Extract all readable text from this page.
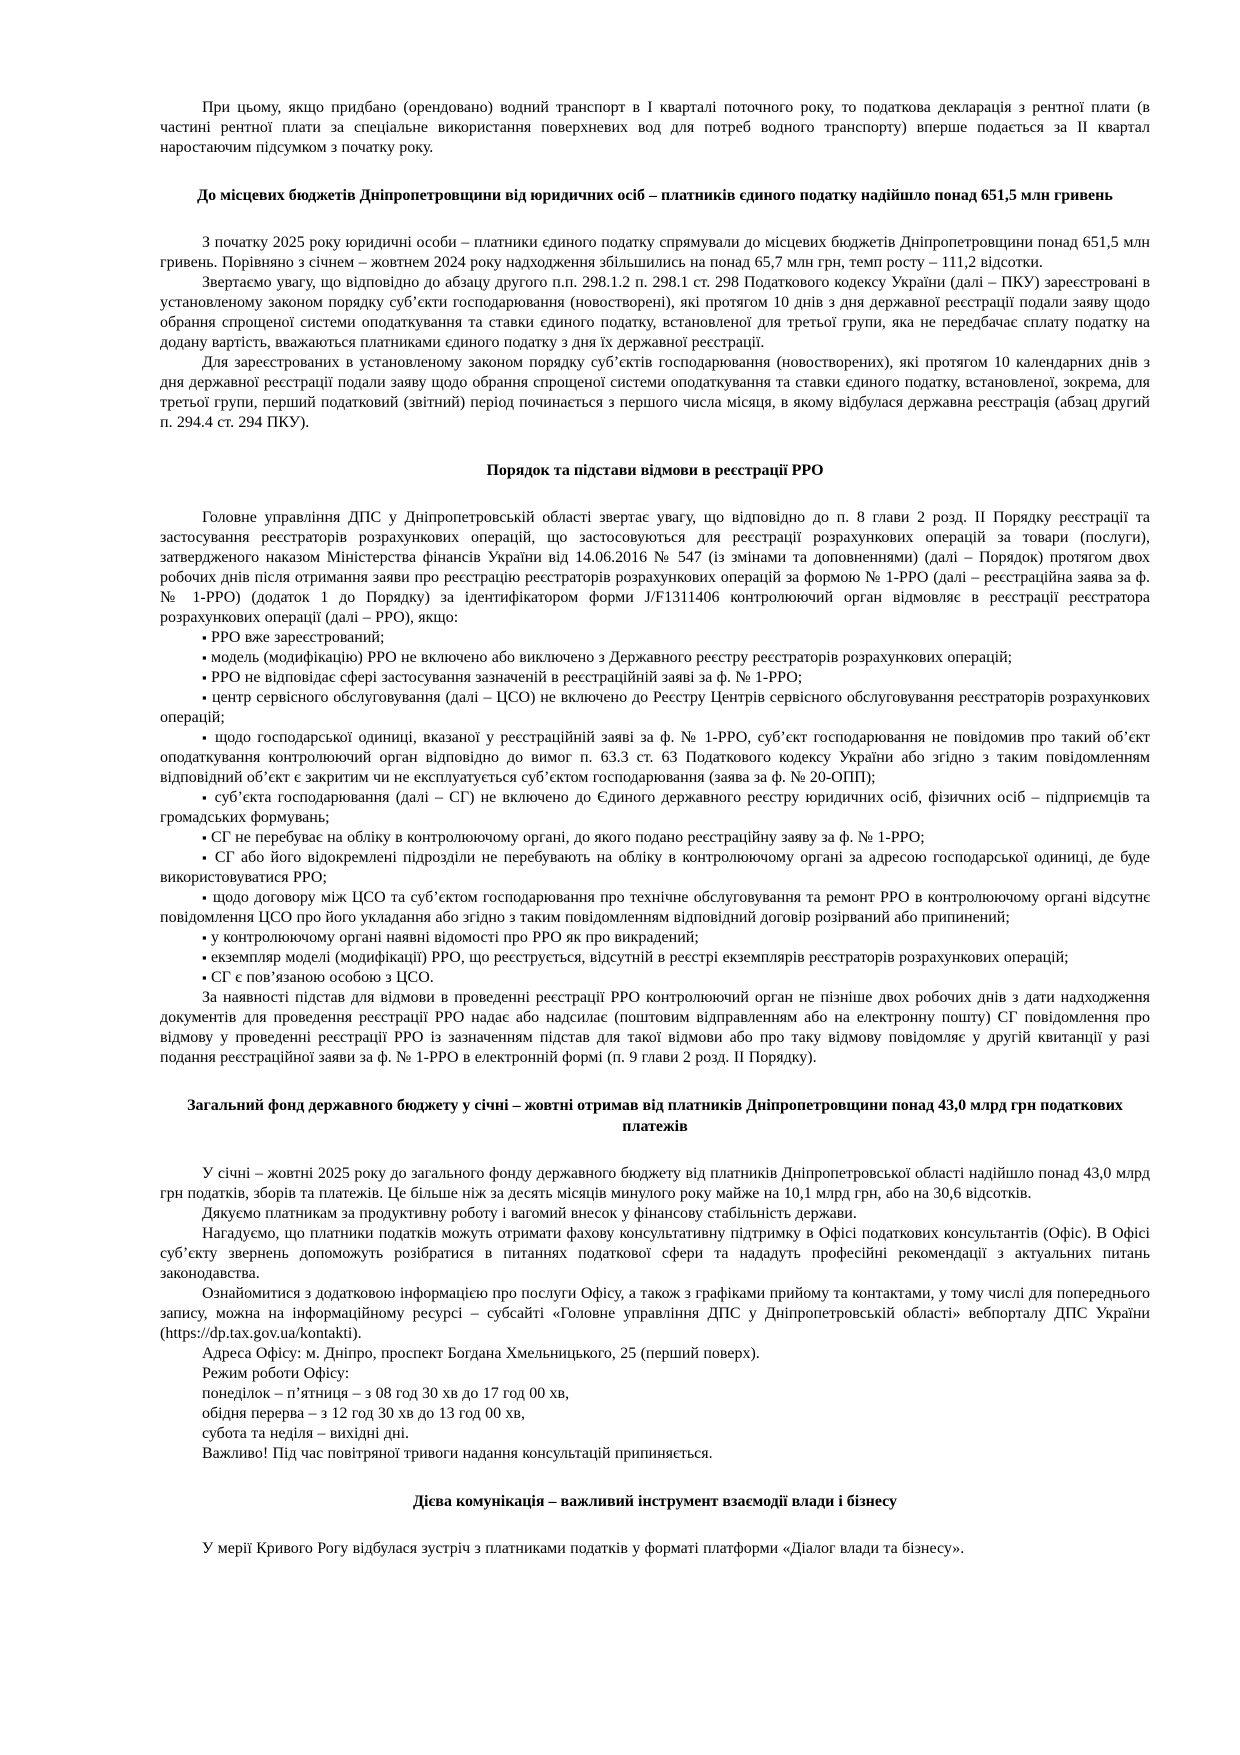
При цьому, якщо придбано (орендовано) водний транспорт в І кварталі поточного року, то податкова декларація з рентної плати (в частині рентної плати за спеціальне використання поверхневих вод для потреб водного транспорту) вперше подається за ІІ квартал наростаючим підсумком з початку року.

До місцевих бюджетів Дніпропетровщини від юридичних осіб – платників єдиного податку надійшло понад 651,5 млн гривень

З початку 2025 року юридичні особи – платники єдиного податку спрямували до місцевих бюджетів Дніпропетровщини понад 651,5 млн гривень. Порівняно з січнем – жовтнем 2024 року надходження збільшились на понад 65,7 млн грн, темп росту – 111,2 відсотки.

Звертаємо увагу, що відповідно до абзацу другого п.п. 298.1.2 п. 298.1 ст. 298 Податкового кодексу України (далі – ПКУ) зареєстровані в установленому законом порядку суб’єкти господарювання (новостворені), які протягом 10 днів з дня державної реєстрації подали заяву щодо обрання спрощеної системи оподаткування та ставки єдиного податку, встановленої для третьої групи, яка не передбачає сплату податку на додану вартість, вважаються платниками єдиного податку з дня їх державної реєстрації.

Для зареєстрованих в установленому законом порядку суб’єктів господарювання (новостворених), які протягом 10 календарних днів з дня державної реєстрації подали заяву щодо обрання спрощеної системи оподаткування та ставки єдиного податку, встановленої, зокрема, для третьої групи, перший податковий (звітний) період починається з першого числа місяця, в якому відбулася державна реєстрація (абзац другий п. 294.4 ст. 294 ПКУ).

Порядок та підстави відмови в реєстрації РРО

Головне управління ДПС у Дніпропетровській області звертає увагу, що відповідно до п. 8 глави 2 розд. ІІ Порядку реєстрації та застосування реєстраторів розрахункових операцій, що застосовуються для реєстрації розрахункових операцій за товари (послуги), затвердженого наказом Міністерства фінансів України від 14.06.2016 № 547 (із змінами та доповненнями) (далі – Порядок) протягом двох робочих днів після отримання заяви про реєстрацію реєстраторів розрахункових операцій за формою № 1-РРО (далі – реєстраційна заява за ф. № 1-РРО) (додаток 1 до Порядку) за ідентифікатором форми J/F1311406 контролюючий орган відмовляє в реєстрації реєстратора розрахункових операції (далі – РРО), якщо:

▪ РРО вже зареєстрований;

▪ модель (модифікацію) РРО не включено або виключено з Державного реєстру реєстраторів розрахункових операцій;

▪ РРО не відповідає сфері застосування зазначеній в реєстраційній заяві за ф. № 1-РРО;

▪ центр сервісного обслуговування (далі – ЦСО) не включено до Реєстру Центрів сервісного обслуговування реєстраторів розрахункових операцій;

▪ щодо господарської одиниці, вказаної у реєстраційній заяві за ф. № 1-РРО, суб’єкт господарювання не повідомив про такий об’єкт оподаткування контролюючий орган відповідно до вимог п. 63.3 ст. 63 Податкового кодексу України або згідно з таким повідомленням відповідний об’єкт є закритим чи не експлуатується суб’єктом господарювання (заява за ф. № 20-ОПП);

▪ суб’єкта господарювання (далі – СГ) не включено до Єдиного державного реєстру юридичних осіб, фізичних осіб – підприємців та громадських формувань;

▪ СГ не перебуває на обліку в контролюючому органі, до якого подано реєстраційну заяву за ф. № 1-РРО;

▪ СГ або його відокремлені підрозділи не перебувають на обліку в контролюючому органі за адресою господарської одиниці, де буде використовуватися РРО;

▪ щодо договору між ЦСО та суб’єктом господарювання про технічне обслуговування та ремонт РРО в контролюючому органі відсутнє повідомлення ЦСО про його укладання або згідно з таким повідомленням відповідний договір розірваний або припинений;

▪ у контролюючому органі наявні відомості про РРО як про викрадений;

▪ екземпляр моделі (модифікації) РРО, що реєструється, відсутній в реєстрі екземплярів реєстраторів розрахункових операцій;

▪ СГ є пов’язаною особою з ЦСО.

За наявності підстав для відмови в проведенні реєстрації РРО контролюючий орган не пізніше двох робочих днів з дати надходження документів для проведення реєстрації РРО надає або надсилає (поштовим відправленням або на електронну пошту) СГ повідомлення про відмову у проведенні реєстрації РРО із зазначенням підстав для такої відмови або про таку відмову повідомляє у другій квитанції у разі подання реєстраційної заяви за ф. № 1-РРО в електронній формі (п. 9 глави 2 розд. ІІ Порядку).

Загальний фонд державного бюджету у січні – жовтні отримав від платників Дніпропетровщини понад 43,0 млрд грн податкових платежів

У січні – жовтні 2025 року до загального фонду державного бюджету від платників Дніпропетровської області надійшло понад 43,0 млрд грн податків, зборів та платежів. Це більше ніж за десять місяців минулого року майже на 10,1 млрд грн, або на 30,6 відсотків.

Дякуємо платникам за продуктивну роботу і вагомий внесок у фінансову стабільність держави.

Нагадуємо, що платники податків можуть отримати фахову консультативну підтримку в Офісі податкових консультантів (Офіс). В Офісі суб’єкту звернень допоможуть розібратися в питаннях податкової сфери та нададуть професійні рекомендації з актуальних питань законодавства.

Ознайомитися з додатковою інформацією про послуги Офісу, а також з графіками прийому та контактами, у тому числі для попереднього запису, можна на інформаційному ресурсі – субсайті «Головне управління ДПС у Дніпропетровській області» вебпорталу ДПС України (https://dp.tax.gov.ua/kontakti).

Адреса Офісу: м. Дніпро, проспект Богдана Хмельницького, 25 (перший поверх).

Режим роботи Офісу:

понеділок – п’ятниця – з 08 год 30 хв до 17 год 00 хв,

обідня перерва – з 12 год 30 хв до 13 год 00 хв,

субота та неділя – вихідні дні.

Важливо! Під час повітряної тривоги надання консультацій припиняється.

Дієва комунікація – важливий інструмент взаємодії влади і бізнесу

У мерії Кривого Рогу відбулася зустріч з платниками податків у форматі платформи «Діалог влади та бізнесу».
